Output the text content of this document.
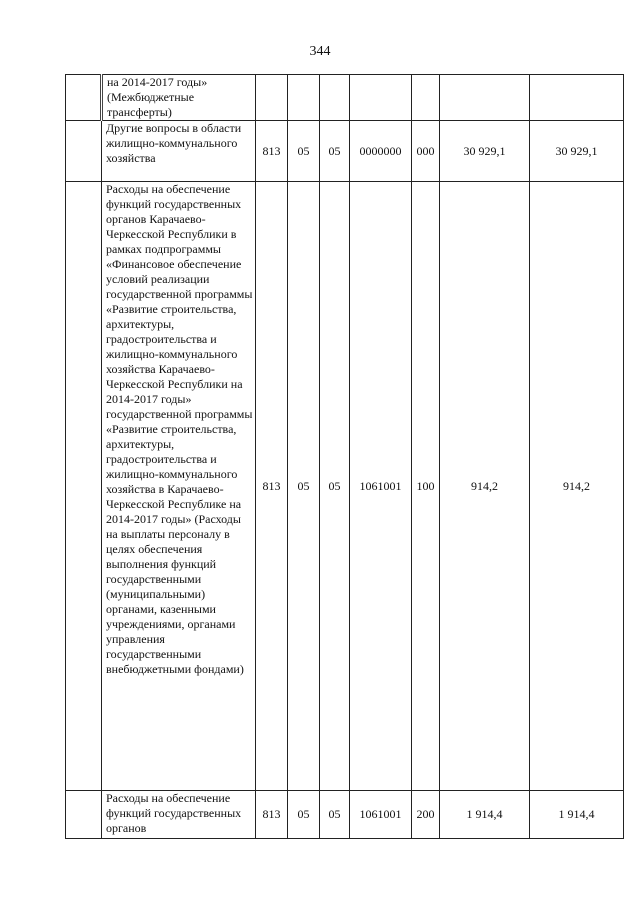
344
	на 2014-2017 годы» (Межбюджетные трансферты)							
	Другие вопросы в области жилищно-коммунального хозяйства	813	05	05	0000000	000	30 929,1	30 929,1
	Расходы на обеспечение функций государственных органов Карачаево-Черкесской Республики в рамках подпрограммы «Финансовое обеспечение условий реализации государственной программы «Развитие строительства, архитектуры, градостроительства и жилищно-коммунального хозяйства Карачаево-Черкесской Республики на 2014-2017 годы» государственной программы «Развитие строительства, архитектуры, градостроительства и жилищно-коммунального хозяйства в Карачаево-Черкесской Республике на 2014-2017 годы» (Расходы на выплаты персоналу в целях обеспечения выполнения функций государственными (муниципальными) органами, казенными учреждениями, органами управления государственными внебюджетными фондами)	813	05	05	1061001	100	914,2	914,2
	Расходы на обеспечение функций государственных органов	813	05	05	1061001	200	1 914,4	1 914,4
